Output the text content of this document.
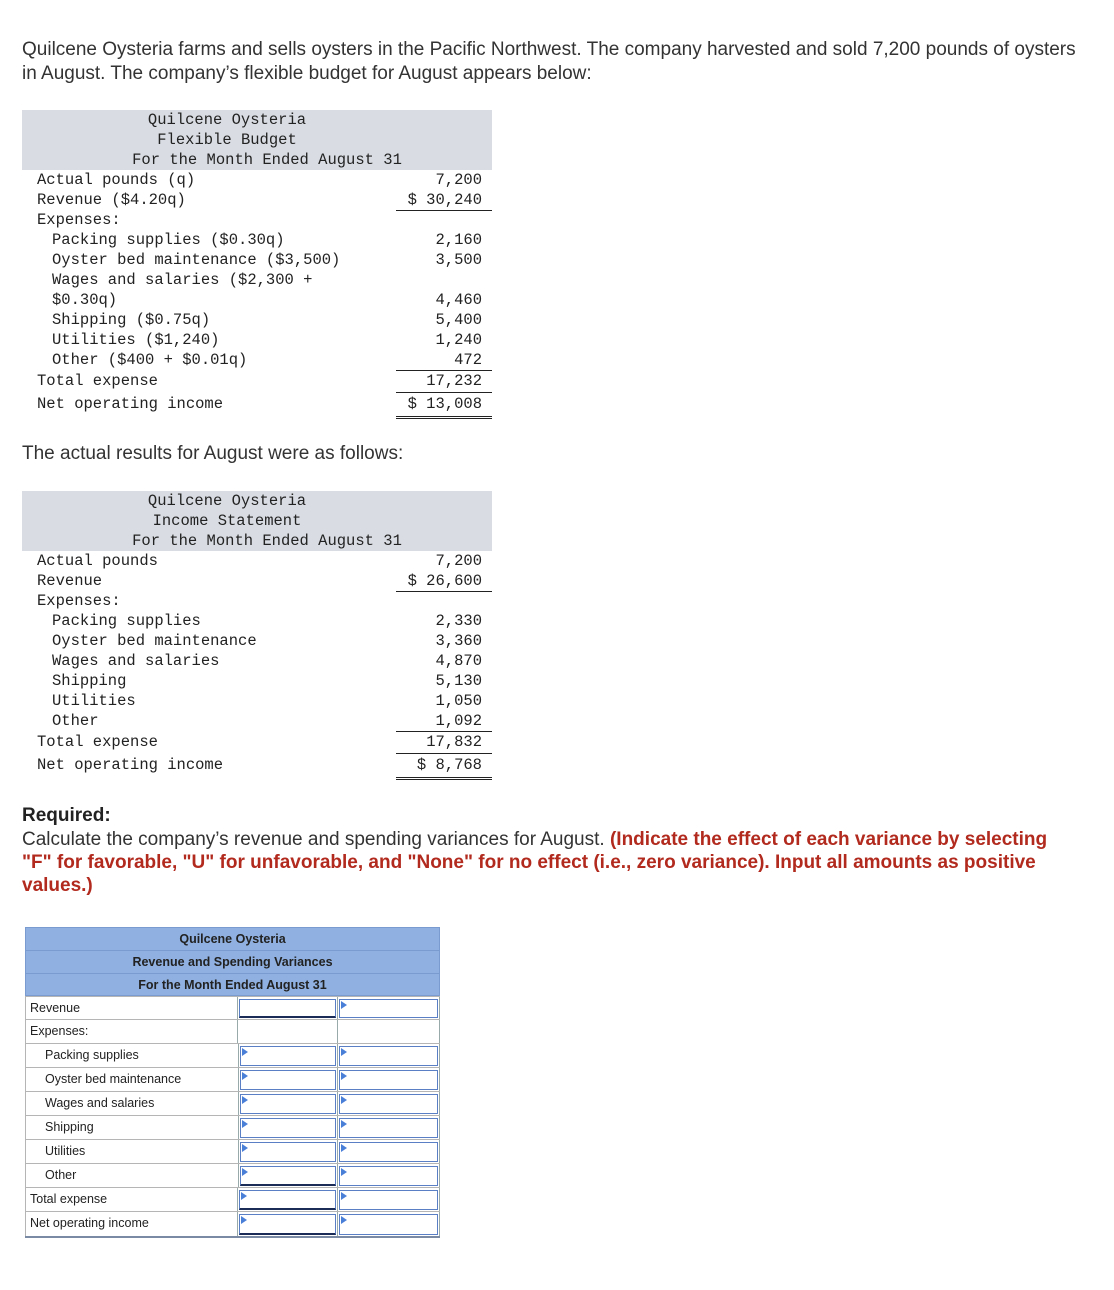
Quilcene Oysteria farms and sells oysters in the Pacific Northwest. The company harvested and sold 7,200 pounds of oysters in August. The company’s flexible budget for August appears below:

Quilcene Oysteria
Flexible Budget
For the Month Ended August 31
Actual pounds (q)	7,200
Revenue ($4.20q)	$ 30,240
Expenses:
Packing supplies ($0.30q)	2,160
Oyster bed maintenance ($3,500)	3,500
Wages and salaries ($2,300 +
$0.30q)	4,460
Shipping ($0.75q)	5,400
Utilities ($1,240)	1,240
Other ($400 + $0.01q)	472
Total expense	17,232
Net operating income	$ 13,008

The actual results for August were as follows:

Quilcene Oysteria
Income Statement
For the Month Ended August 31
Actual pounds	7,200
Revenue	$ 26,600
Expenses:
Packing supplies	2,330
Oyster bed maintenance	3,360
Wages and salaries	4,870
Shipping	5,130
Utilities	1,050
Other	1,092
Total expense	17,832
Net operating income	$ 8,768

Required:

Calculate the company’s revenue and spending variances for August. (Indicate the effect of each variance by selecting "F" for favorable, "U" for unfavorable, and "None" for no effect (i.e., zero variance). Input all amounts as positive values.)

Quilcene Oysteria
Revenue and Spending Variances
For the Month Ended August 31
Revenue
Expenses:
Packing supplies
Oyster bed maintenance
Wages and salaries
Shipping
Utilities
Other
Total expense
Net operating income
